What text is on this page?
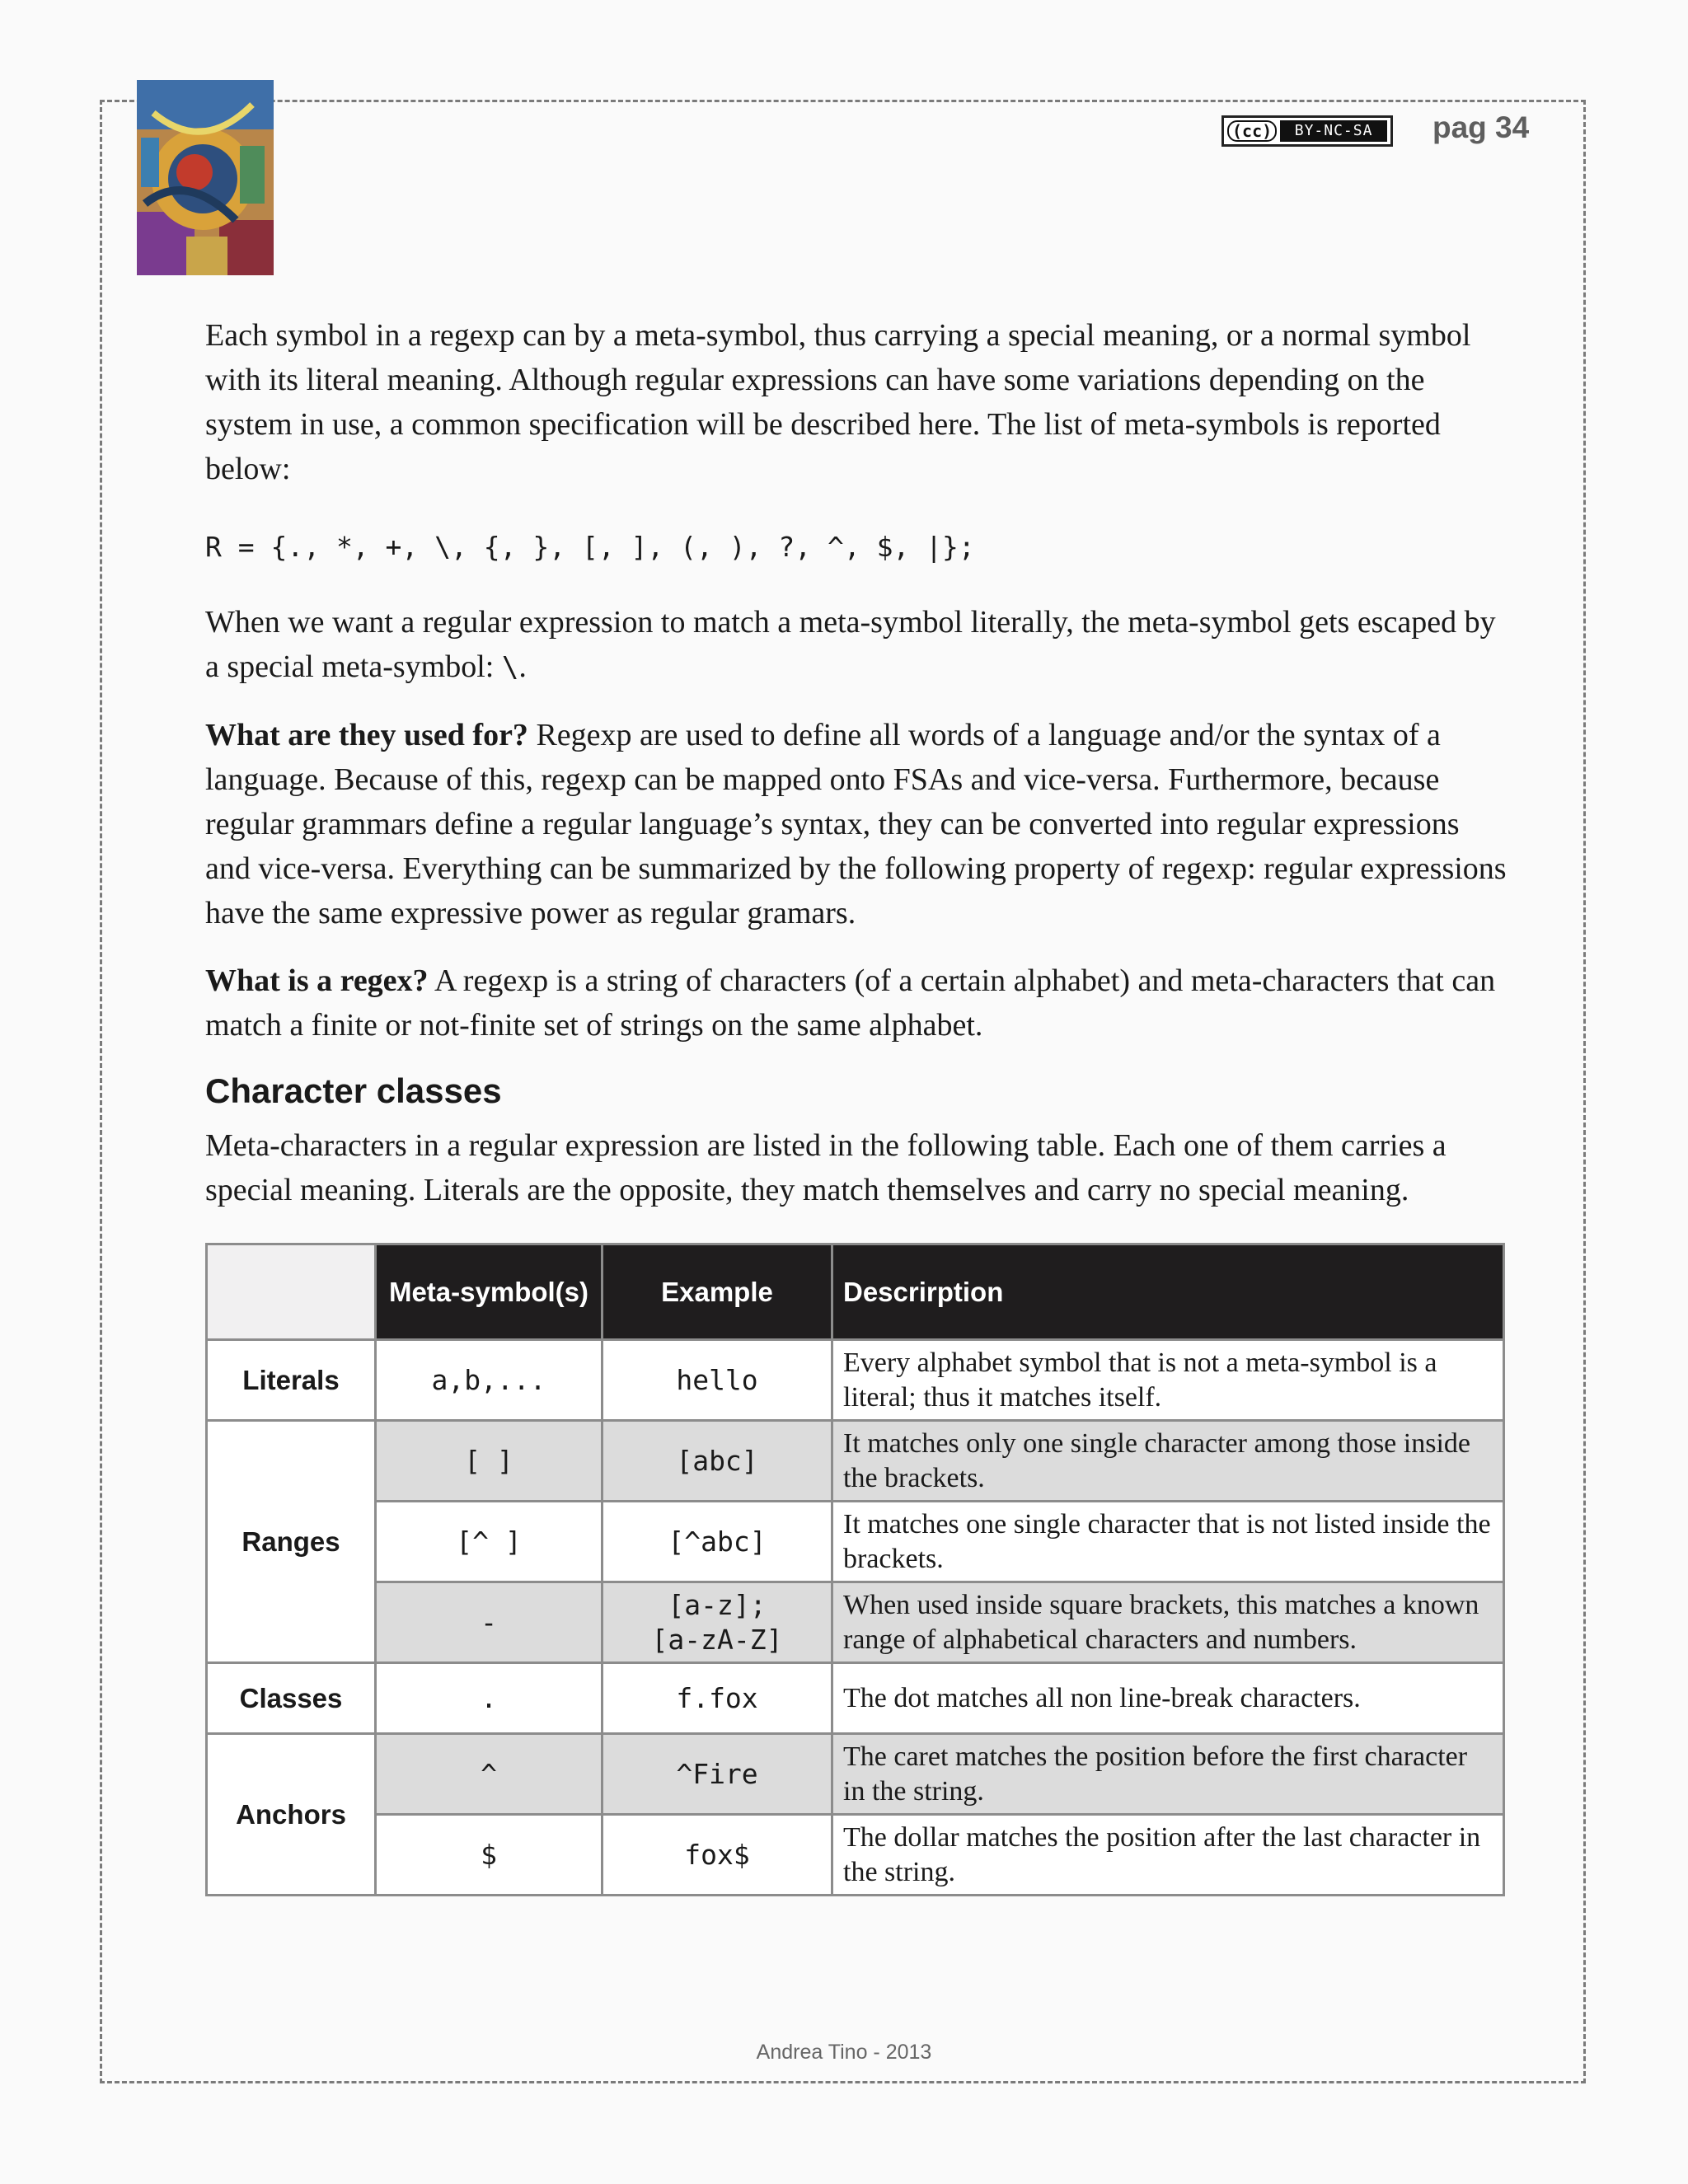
(cc)	BY-NC-SA	pag 34

Each symbol in a regexp can by a meta-symbol, thus carrying a special meaning, or a normal symbol with its literal meaning. Although regular expressions can have some variations depending on the system in use, a common specification will be described here. The list of meta-symbols is reported below:

R = {., *, +, \, {, }, [, ], (, ), ?, ^, $, |};

When we want a regular expression to match a meta-symbol literally, the meta-symbol gets escaped by a special meta-symbol: \.

What are they used for? Regexp are used to define all words of a language and/or the syntax of a language. Because of this, regexp can be mapped onto FSAs and vice-versa. Furthermore, because regular grammars define a regular language’s syntax, they can be converted into regular expressions and vice-versa. Everything can be summarized by the following property of regexp: regular expressions have the same expressive power as regular gramars.

What is a regex? A regexp is a string of characters (of a certain alphabet) and meta-characters that can match a finite or not-finite set of strings on the same alphabet.

Character classes

Meta-characters in a regular expression are listed in the following table. Each one of them carries a special meaning. Literals are the opposite, they match themselves and carry no special meaning.

	Meta-symbol(s)	Example	Descrirption
Literals	a,b,...	hello	Every alphabet symbol that is not a meta-symbol is a literal; thus it matches itself.
Ranges	[ ]	[abc]	It matches only one single character among those inside the brackets.
	[^ ]	[^abc]	It matches one single character that is not listed inside the brackets.
	-	[a-z];
[a-zA-Z]	When used inside square brackets, this matches a known range of alphabetical characters and numbers.
Classes	.	f.fox	The dot matches all non line-break characters.
Anchors	^	^Fire	The caret matches the position before the first character in the string.
	$	fox$	The dollar matches the position after the last character in the string.
Andrea Tino - 2013
